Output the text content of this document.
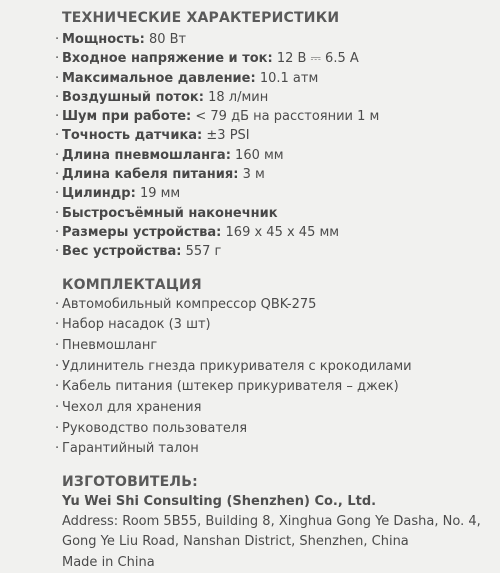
ТЕХНИЧЕСКИЕ ХАРАКТЕРИСТИКИ
· Мощность: 80 Вт
· Входное напряжение и ток: 12 В ⎓ 6.5 А
· Максимальное давление: 10.1 атм
· Воздушный поток: 18 л/мин
· Шум при работе: < 79 дБ на расстоянии 1 м
· Точность датчика: ±3 PSI
· Длина пневмошланга: 160 мм
· Длина кабеля питания: 3 м
· Цилиндр: 19 мм
· Быстросъёмный наконечник
· Размеры устройства: 169 х 45 х 45 мм
· Вес устройства: 557 г
КОМПЛЕКТАЦИЯ
· Автомобильный компрессор QBK-275
· Набор насадок (3 шт)
· Пневмошланг
· Удлинитель гнезда прикуривателя с крокодилами
· Кабель питания (штекер прикуривателя – джек)
· Чехол для хранения
· Руководство пользователя
· Гарантийный талон
ИЗГОТОВИТЕЛЬ:
Yu Wei Shi Consulting (Shenzhen) Co., Ltd.
Address: Room 5B55, Building 8, Xinghua Gong Ye Dasha, No. 4,
Gong Ye Liu Road, Nanshan District, Shenzhen, China
Made in China
